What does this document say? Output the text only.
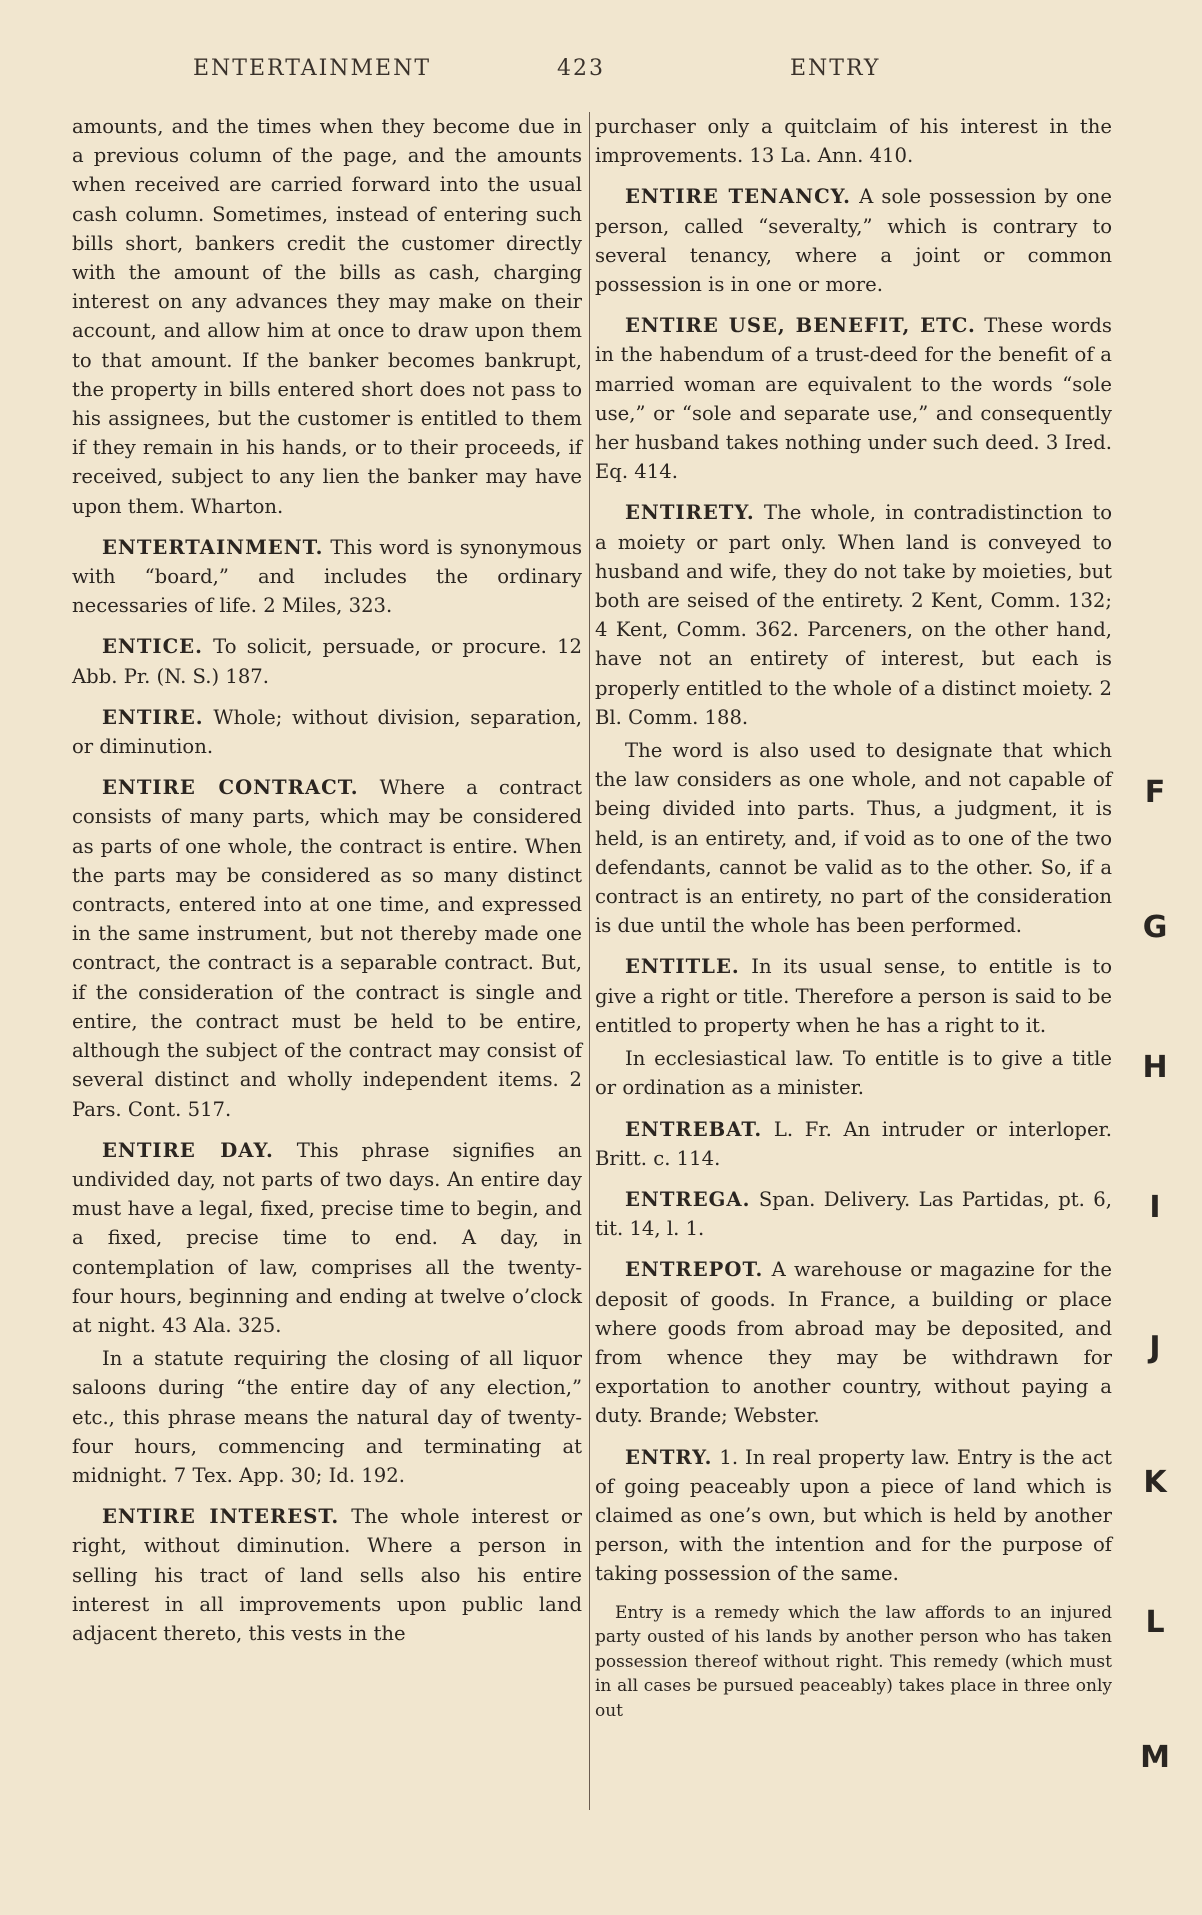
ENTERTAINMENT	423	ENTRY

amounts, and the times when they become due in a previous column of the page, and the amounts when received are carried forward into the usual cash column. Sometimes, instead of entering such bills short, bankers credit the customer directly with the amount of the bills as cash, charging interest on any advances they may make on their account, and allow him at once to draw upon them to that amount. If the banker becomes bankrupt, the property in bills entered short does not pass to his assignees, but the customer is entitled to them if they remain in his hands, or to their proceeds, if received, subject to any lien the banker may have upon them. Wharton.

ENTERTAINMENT. This word is synonymous with “board,” and includes the ordinary necessaries of life. 2 Miles, 323.

ENTICE. To solicit, persuade, or procure. 12 Abb. Pr. (N. S.) 187.

ENTIRE. Whole; without division, separation, or diminution.

ENTIRE CONTRACT. Where a contract consists of many parts, which may be considered as parts of one whole, the contract is entire. When the parts may be considered as so many distinct contracts, entered into at one time, and expressed in the same instrument, but not thereby made one contract, the contract is a separable contract. But, if the consideration of the contract is single and entire, the contract must be held to be entire, although the subject of the contract may consist of several distinct and wholly independent items. 2 Pars. Cont. 517.

ENTIRE DAY. This phrase signifies an undivided day, not parts of two days. An entire day must have a legal, fixed, precise time to begin, and a fixed, precise time to end. A day, in contemplation of law, comprises all the twenty-four hours, beginning and ending at twelve o’clock at night. 43 Ala. 325.

In a statute requiring the closing of all liquor saloons during “the entire day of any election,” etc., this phrase means the natural day of twenty-four hours, commencing and terminating at midnight. 7 Tex. App. 30; Id. 192.

ENTIRE INTEREST. The whole interest or right, without diminution. Where a person in selling his tract of land sells also his entire interest in all improvements upon public land adjacent thereto, this vests in the

purchaser only a quitclaim of his interest in the improvements. 13 La. Ann. 410.

ENTIRE TENANCY. A sole possession by one person, called “severalty,” which is contrary to several tenancy, where a joint or common possession is in one or more.

ENTIRE USE, BENEFIT, ETC. These words in the habendum of a trust-deed for the benefit of a married woman are equivalent to the words “sole use,” or “sole and separate use,” and consequently her husband takes nothing under such deed. 3 Ired. Eq. 414.

ENTIRETY. The whole, in contradistinction to a moiety or part only. When land is conveyed to husband and wife, they do not take by moieties, but both are seised of the entirety. 2 Kent, Comm. 132; 4 Kent, Comm. 362. Parceners, on the other hand, have not an entirety of interest, but each is properly entitled to the whole of a distinct moiety. 2 Bl. Comm. 188.

The word is also used to designate that which the law considers as one whole, and not capable of being divided into parts. Thus, a judgment, it is held, is an entirety, and, if void as to one of the two defendants, cannot be valid as to the other. So, if a contract is an entirety, no part of the consideration is due until the whole has been performed.

ENTITLE. In its usual sense, to entitle is to give a right or title. Therefore a person is said to be entitled to property when he has a right to it.

In ecclesiastical law. To entitle is to give a title or ordination as a minister.

ENTREBAT. L. Fr. An intruder or interloper. Britt. c. 114.

ENTREGA. Span. Delivery. Las Partidas, pt. 6, tit. 14, l. 1.

ENTREPOT. A warehouse or magazine for the deposit of goods. In France, a building or place where goods from abroad may be deposited, and from whence they may be withdrawn for exportation to another country, without paying a duty. Brande; Webster.

ENTRY. 1. In real property law. Entry is the act of going peaceably upon a piece of land which is claimed as one’s own, but which is held by another person, with the intention and for the purpose of taking possession of the same.

Entry is a remedy which the law affords to an injured party ousted of his lands by another person who has taken possession thereof without right. This remedy (which must in all cases be pursued peaceably) takes place in three only out

F
G
H
I
J
K
L
M
